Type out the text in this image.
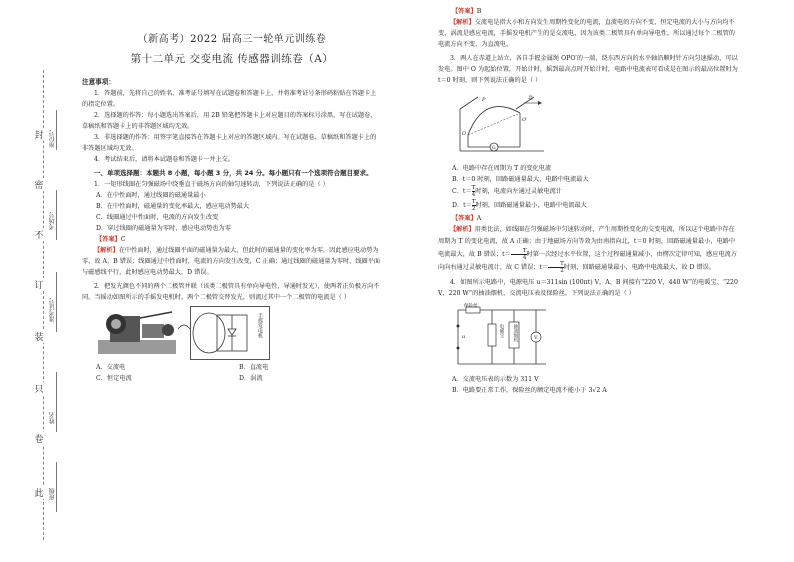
封
密
不
订
装
只
卷
此
座位号
考场号
准考证号
姓名
班级
（新高考）2022 届高三一轮单元训练卷
第十二单元 交变电流 传感器训练卷（A）
注意事项：

1．答题前，先将自己的姓名、准考证号填写在试题卷和答题卡上，并将准考证号条形码粘贴在答题卡上的指定位置。

2．选择题的作答：每小题选出答案后，用 2B 铅笔把答题卡上对应题目的答案标号涂黑，写在试题卷、草稿纸和答题卡上的非答题区域均无效。

3．非选择题的作答：用签字笔直接答在答题卡上对应的答题区域内。写在试题卷、草稿纸和答题卡上的非答题区域均无效。

4．考试结束后，请将本试题卷和答题卡一并上交。

一、单项选择题：本题共 8 小题，每小题 3 分，共 24 分。每小题只有一个选项符合题目要求。

1．一矩形线圈在匀强磁场中绕垂直于磁场方向的轴匀速转动，下列说法正确的是（ ）

A．在中性面时，通过线圈的磁通量最小

B．在中性面时，磁通量的变化率最大，感应电动势最大

C．线圈通过中性面时，电流的方向发生改变

D．穿过线圈的磁通量为零时，感应电动势也为零

【答案】C

【解析】在中性面时，通过线圈平面的磁通量为最大，但此时的磁通量的变化率为零，因此感应电动势为零，故 A、B 错误；线圈通过中性面时，电流的方向发生改变，C 正确；通过线圈的磁通量为零时，线圈平面与磁感线平行，此时感应电动势最大，D 错误。

2．把发光颜色不同的两个二极管并联（该类二极管具有单向导电性，导通时发光），使两者正负极方向不同。当摇动如图所示的手摇发电机时，两个二极管交替发光，则流过其中一个二极管的电流是（ ）

手摇发电机
A．交流电	B．直流电
C．恒定电流	D．涡流

【答案】B

【解析】交流电是指大小和方向发生周期性变化的电流，直流电的方向不变，恒定电流的大小与方向均不变，涡流是感应电流，手摇发电机产生的是交流电，因为该类二极管具有单向导电性，所以通过每个二极管的电流方向不变，为直流电。

3．两人在赤道上站立，各自手握金属绳 OPO′的一端，绕东西方向的水平轴沿顺时针方向匀速摇动，可以发电。图中 O 为起始位置，开始计时，摇到最高点时开始计时，电路中电流表可看成是在图示的最高位置时为 t＝0 时刻，则下列说法正确的是（ ）

北
P
O
O′
G

A．电路中存在周期为 T 的变化电流

B．t＝0 时刻，回路磁通量最大，电路中电流最大

C．$t= \frac{T}{4}$ 时刻，电流向左通过灵敏电流计

D．$t= \frac{T}{2}$ 时刻，回路磁通量最小，电路中电流最大

【答案】A

【解析】用类比法，如线圈在匀强磁场中匀速转动时，产生周期性变化的交变电流，所以这个电路中存在周期为 T 的变化电流，故 A 正确；由于地磁场方向等效为由南指向北，t＝0 时刻，回路磁通量最小，电路中电流最大，故 B 错误；$t= \frac{T}{4}$ 时第一次经过水平位置，这个过程磁通量减小，由楞次定律可知，感应电流方向向右通过灵敏电流计，故 C 错误；$t= \frac{T}{2}$ 时刻，回路磁通量最小，电路中电流最大，故 D 错误。

4．如图所示电路中，电源电压 u＝311sin (100πt) V，A、B 间接有“220 V，440 W”的电暖宝、“220 V，220 W”的抽油烟机、交流电压表及保险丝。下列说法正确的是（ ）

保险丝
u	电暖宝	抽油烟机	V

A．交流电压表的示数为 311 V

B．电路要正常工作，保险丝的额定电流不能小于 3√2 A
